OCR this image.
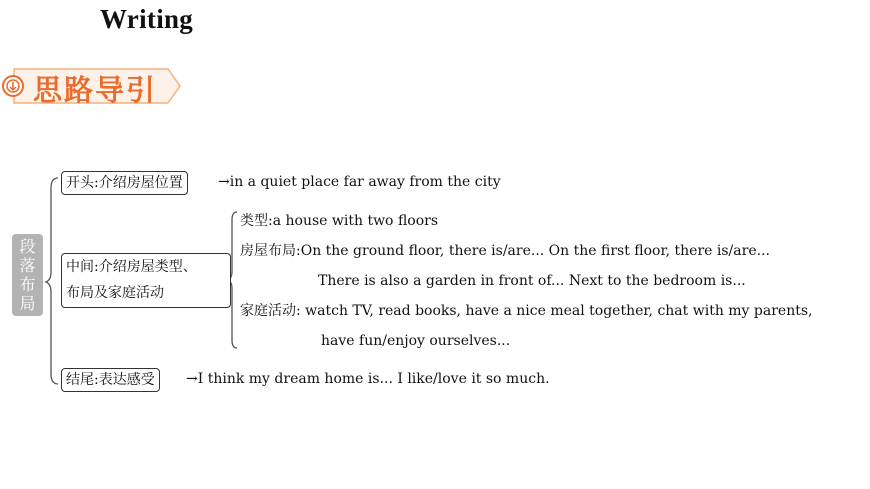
Writing
思路导引
段
落
布
局
开头:介绍房屋位置	→in a quiet place far away from the city
中间:介绍房屋类型、
布局及家庭活动
类型:a house with two floors
房屋布局:On the ground floor, there is/are... On the first floor, there is/are...
There is also a garden in front of... Next to the bedroom is...
家庭活动: watch TV, read books, have a nice meal together, chat with my parents,
have fun/enjoy ourselves...
结尾:表达感受	→I think my dream home is... I like/love it so much.
